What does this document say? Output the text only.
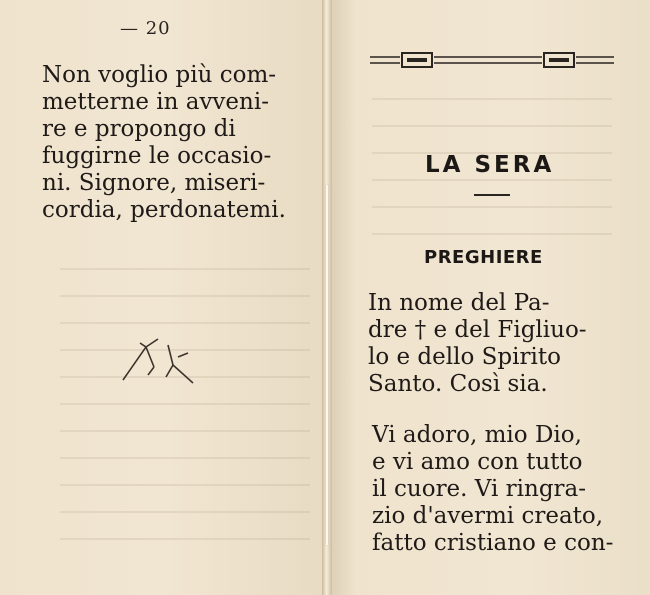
— 20
Non voglio più com-
metterne in avveni-
re e propongo di
fuggirne le occasio-
ni. Signore, miseri-
cordia, perdonatemi.
LA SERA
PREGHIERE
In nome del Pa-
dre † e del Figliuo-
lo e dello Spirito
Santo. Così sia.
Vi adoro, mio Dio,
e vi amo con tutto
il cuore. Vi ringra-
zio d'avermi creato,
fatto cristiano e con-
